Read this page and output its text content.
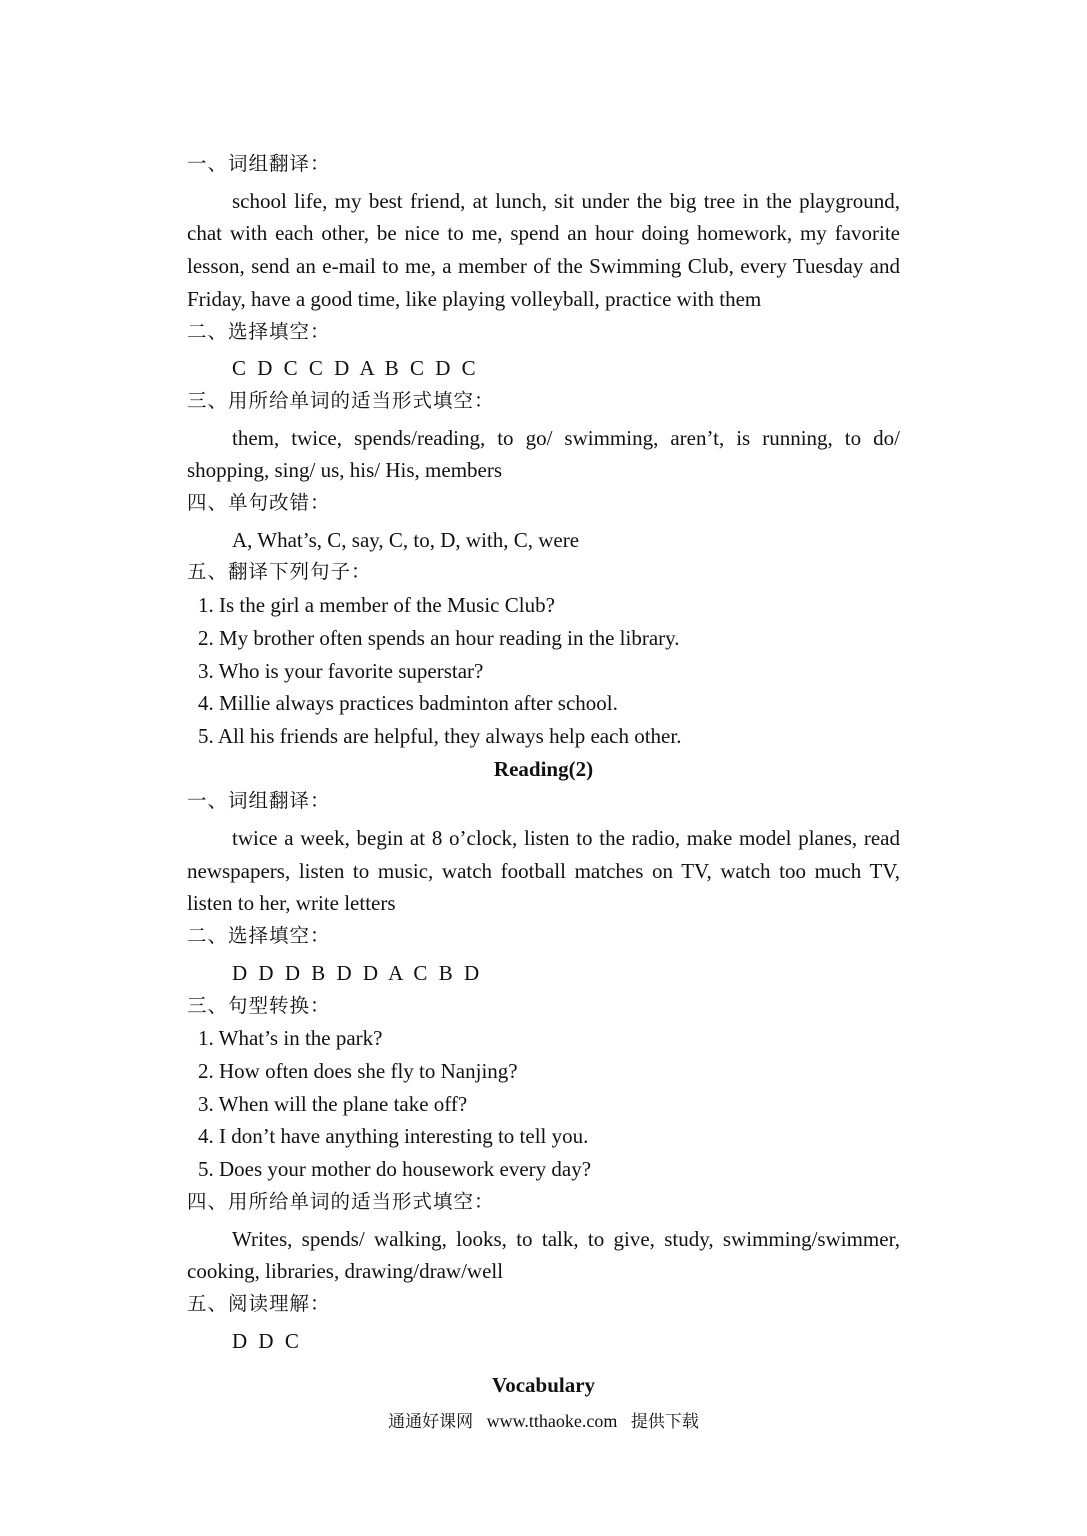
一、词组翻译：

school life, my best friend, at lunch, sit under the big tree in the playground, chat with each other, be nice to me, spend an hour doing homework, my favorite lesson, send an e-mail to me, a member of the Swimming Club, every Tuesday and Friday, have a good time, like playing volleyball, practice with them

二、选择填空：
C D C C D A B C D C
三、用所给单词的适当形式填空：

them, twice, spends/reading, to go/ swimming, aren’t, is running, to do/ shopping, sing/ us, his/ His, members

四、单句改错：
A, What’s, C, say, C, to, D, with, C, were
五、翻译下列句子：
1. Is the girl a member of the Music Club?
2. My brother often spends an hour reading in the library.
3. Who is your favorite superstar?
4. Millie always practices badminton after school.
5. All his friends are helpful, they always help each other.
Reading(2)
一、词组翻译：

twice a week, begin at 8 o’clock, listen to the radio, make model planes, read newspapers, listen to music, watch football matches on TV, watch too much TV, listen to her, write letters

二、选择填空：
D D D B D D A C B D
三、句型转换：
1. What’s in the park?
2. How often does she fly to Nanjing?
3. When will the plane take off?
4. I don’t have anything interesting to tell you.
5. Does your mother do housework every day?
四、用所给单词的适当形式填空：

Writes, spends/ walking, looks, to talk, to give, study, swimming/swimmer, cooking, libraries, drawing/draw/well

五、阅读理解：
D D C
Vocabulary
通通好课网 www.tthaoke.com 提供下载
